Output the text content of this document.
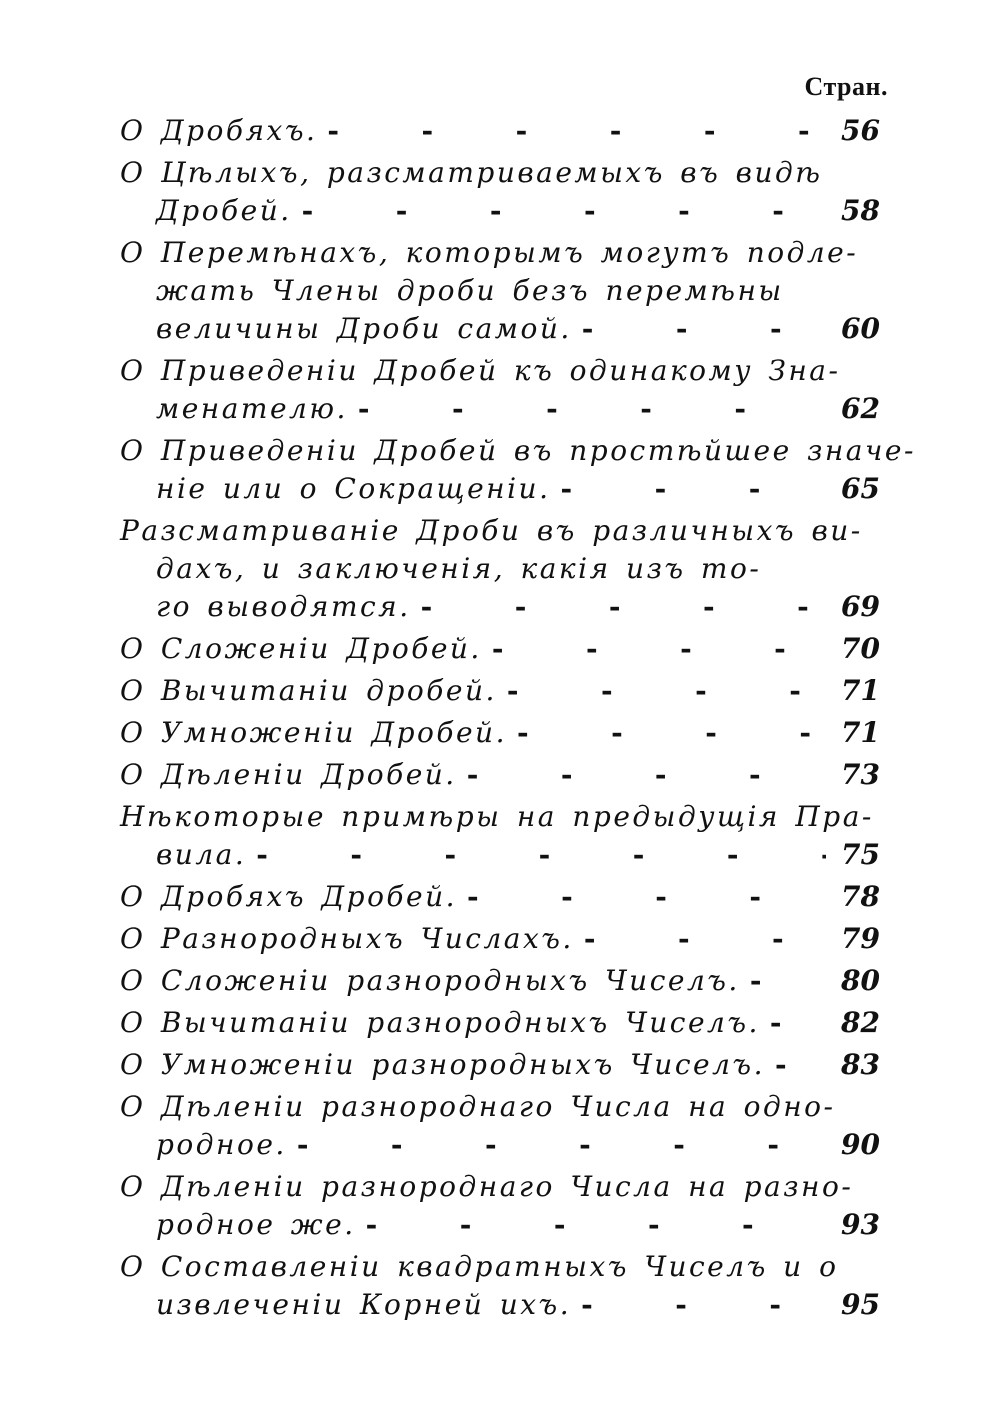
Стран.
О Дробяхъ. -	56
О Цѣлыхъ, разсматриваемыхъ въ видѣ
Дробей. -	58
О Перемѣнахъ, которымъ могутъ подле-
жать Члены дроби безъ перемѣны
величины Дроби самой. -	60
О Приведенiи Дробей къ одинакому Зна-
менателю. -	62
О Приведенiи Дробей въ простѣйшее значе-
нiе или о Сокращенiи. -	65
Разсматриванiе Дроби въ различныхъ ви-
дахъ, и заключенiя, какiя изъ то-
го выводятся. -	69
О Сложенiи Дробей. -	70
О Вычитанiи дробей. -	71
О Умноженiи Дробей. -	71
О Дѣленiи Дробей. -	73
Нѣкоторые примѣры на предыдущiя Пра-
вила. -	75
О Дробяхъ Дробей. -	78
О Разнородныхъ Числахъ. -	79
О Сложенiи разнородныхъ Чиселъ. -	80
О Вычитанiи разнородныхъ Чиселъ. -	82
О Умноженiи разнородныхъ Чиселъ. -	83
О Дѣленiи разнороднаго Числа на одно-
родное. -	90
О Дѣленiи разнороднаго Числа на разно-
родное же. -	93
О Составленiи квадратныхъ Чиселъ и о
извлеченiи Корней ихъ. -	95
